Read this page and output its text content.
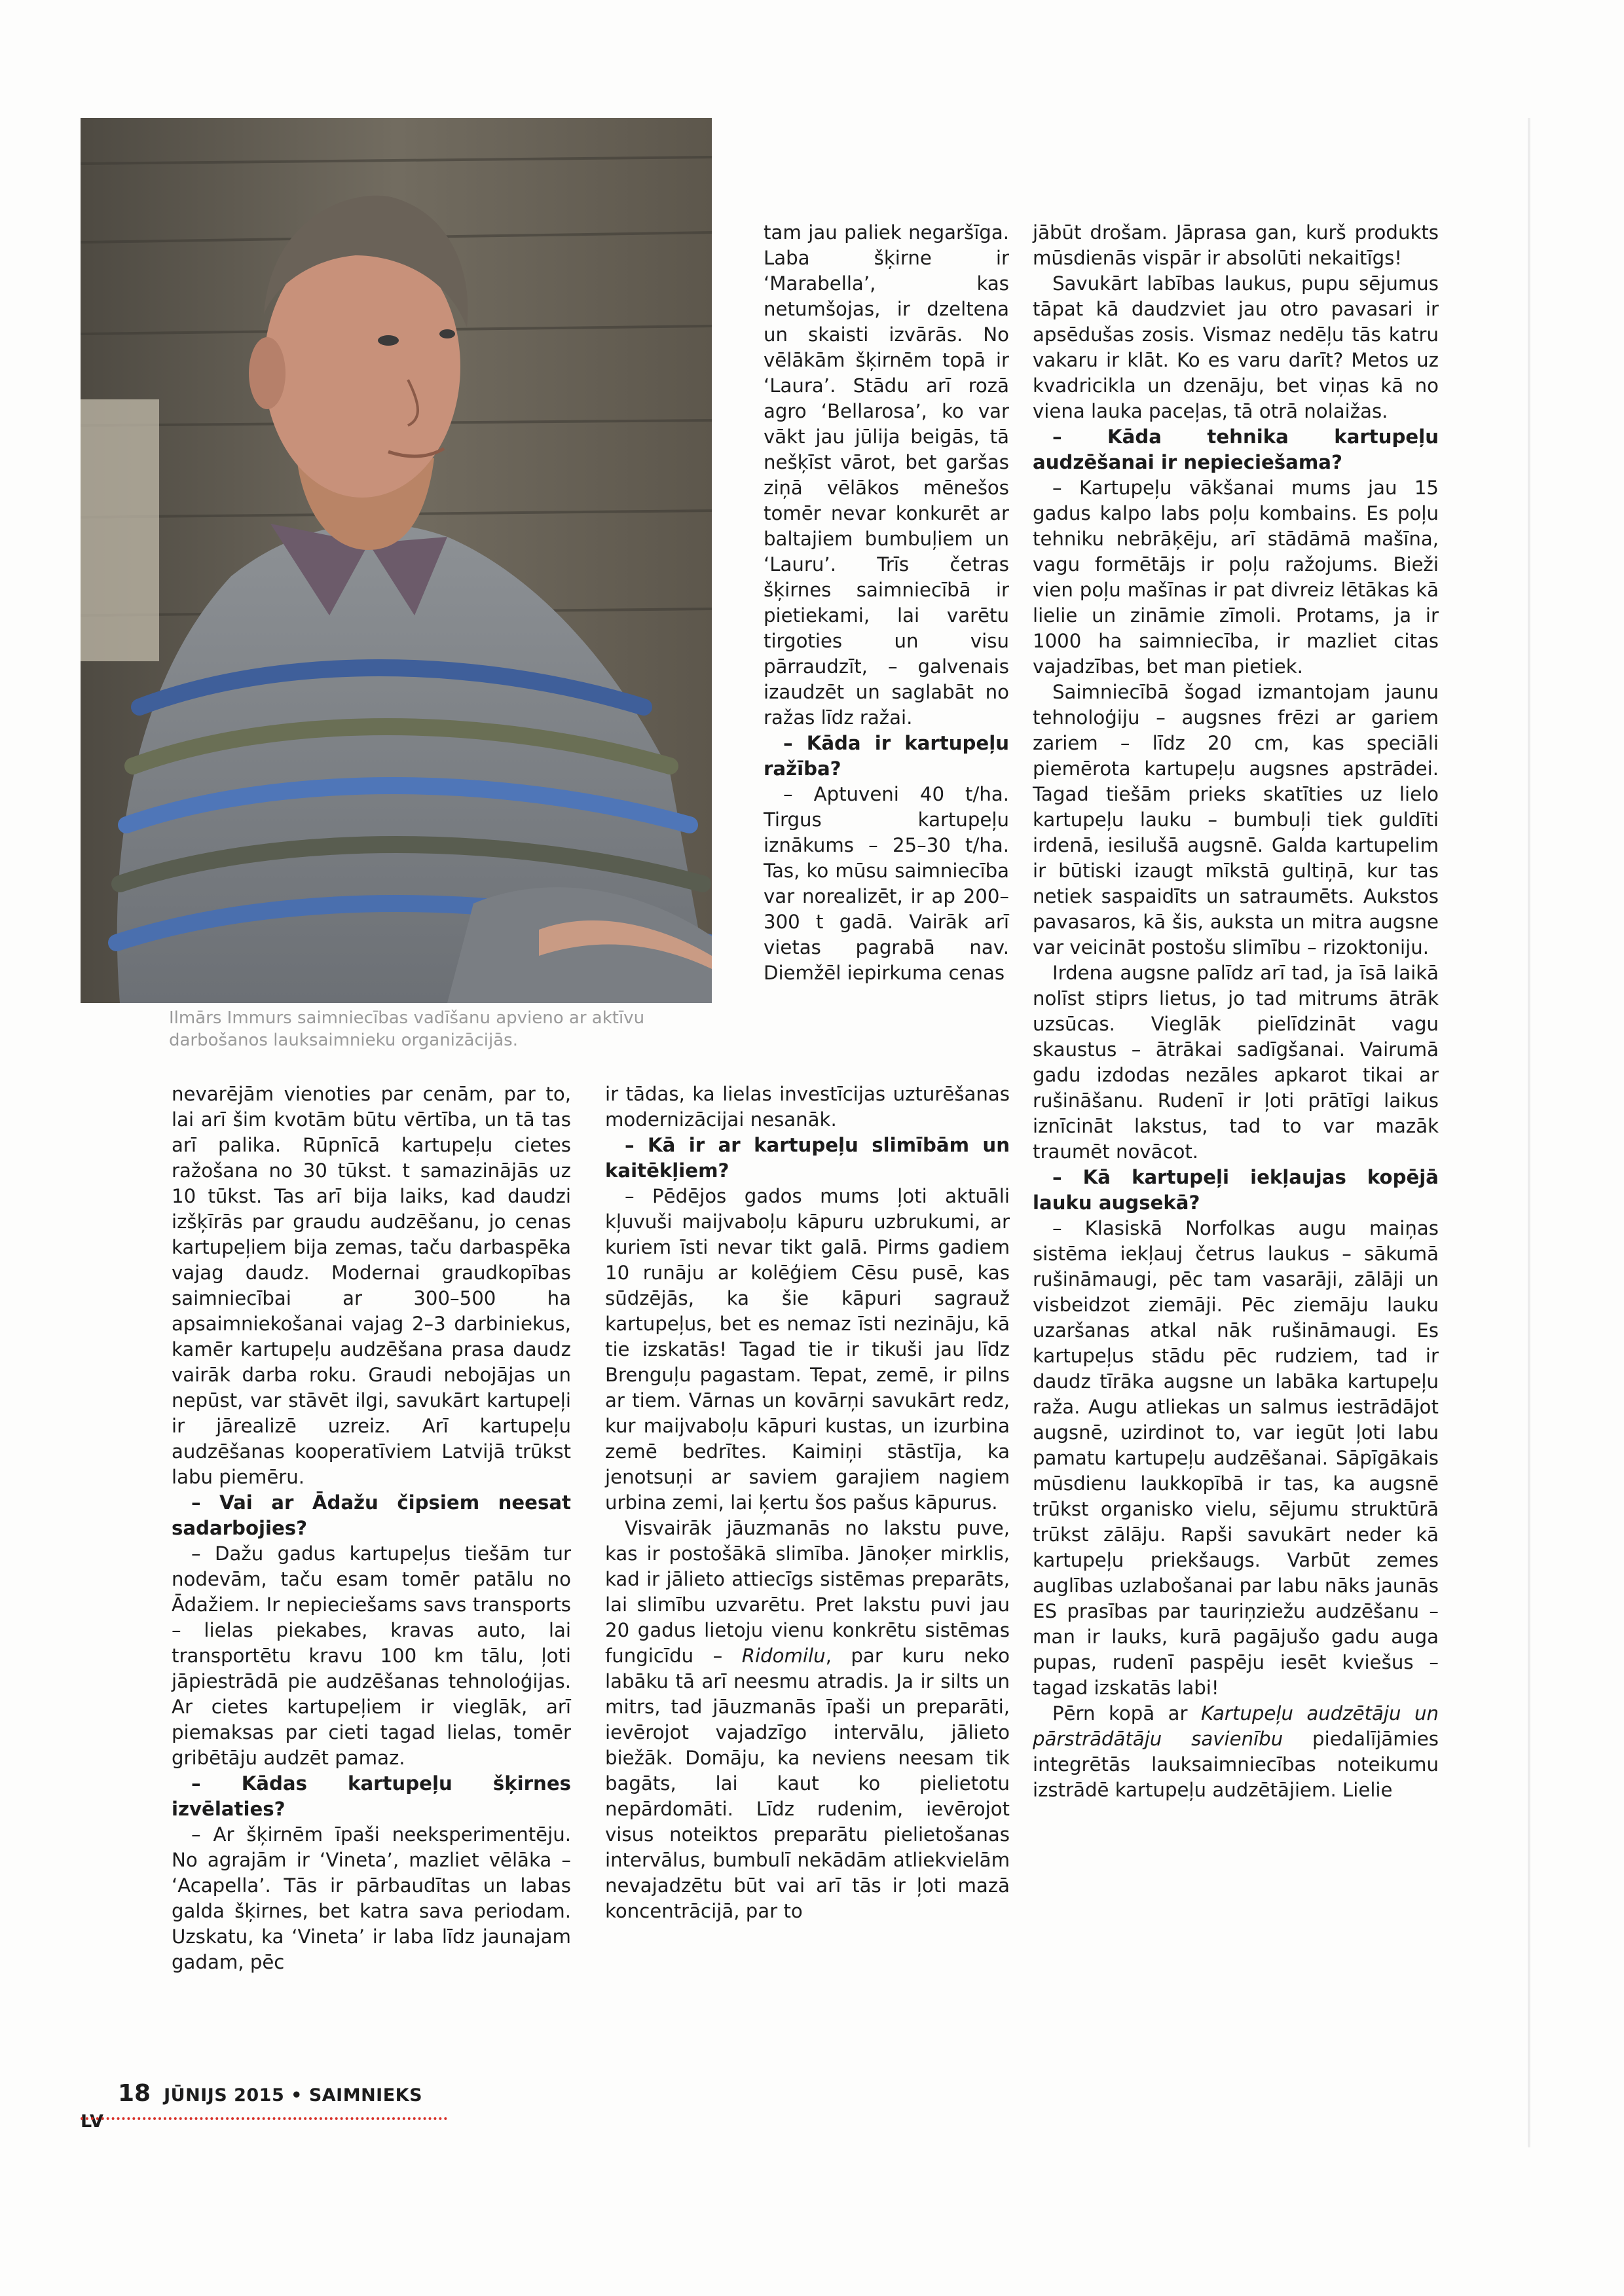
Ilmārs Immurs saimniecības vadīšanu apvieno ar aktīvu darbošanos lauksaimnieku organizācijās.

tam jau paliek negaršīga. Laba šķirne ir ‘Marabella’, kas netumšojas, ir dzeltena un skaisti izvārās. No vēlākām šķirnēm topā ir ‘Laura’. Stādu arī rozā agro ‘Bellarosa’, ko var vākt jau jūlija beigās, tā nešķīst vārot, bet garšas ziņā vēlākos mēnešos tomēr nevar konkurēt ar baltajiem bumbuļiem un ‘Lauru’. Trīs četras šķirnes saimniecībā ir pietiekami, lai varētu tirgoties un visu pārraudzīt, – galvenais izaudzēt un saglabāt no ražas līdz ražai.

– Kāda ir kartupeļu ražība?

– Aptuveni 40 t/ha. Tirgus kartupeļu iznākums – 25–30 t/ha. Tas, ko mūsu saimniecība var norealizēt, ir ap 200–300 t gadā. Vairāk arī vietas pagrabā nav. Diemžēl iepirkuma cenas

nevarējām vienoties par cenām, par to, lai arī šim kvotām būtu vērtība, un tā tas arī palika. Rūpnīcā kartupeļu cietes ražošana no 30 tūkst. t samazinājās uz 10 tūkst. Tas arī bija laiks, kad daudzi izšķīrās par graudu audzēšanu, jo cenas kartupeļiem bija zemas, taču darbaspēka vajag daudz. Modernai graudkopības saimniecībai ar 300–500 ha apsaimniekošanai vajag 2–3 darbiniekus, kamēr kartupeļu audzēšana prasa daudz vairāk darba roku. Graudi nebojājas un nepūst, var stāvēt ilgi, savukārt kartupeļi ir jārealizē uzreiz. Arī kartupeļu audzēšanas kooperatīviem Latvijā trūkst labu piemēru.

– Vai ar Ādažu čipsiem neesat sadarbojies?

– Dažu gadus kartupeļus tiešām tur nodevām, taču esam tomēr patālu no Ādažiem. Ir nepieciešams savs transports – lielas piekabes, kravas auto, lai transportētu kravu 100 km tālu, ļoti jāpiestrādā pie audzēšanas tehnoloģijas. Ar cietes kartupeļiem ir vieglāk, arī piemaksas par cieti tagad lielas, tomēr gribētāju audzēt pamaz.

– Kādas kartupeļu šķirnes izvēlaties?

– Ar šķirnēm īpaši neeksperimentēju. No agrajām ir ‘Vineta’, mazliet vēlāka – ‘Acapella’. Tās ir pārbaudītas un labas galda šķirnes, bet katra sava periodam. Uzskatu, ka ‘Vineta’ ir laba līdz jaunajam gadam, pēc

ir tādas, ka lielas investīcijas uzturēšanas modernizācijai nesanāk.

– Kā ir ar kartupeļu slimībām un kaitēkļiem?

– Pēdējos gados mums ļoti aktuāli kļuvuši maijvaboļu kāpuru uzbrukumi, ar kuriem īsti nevar tikt galā. Pirms gadiem 10 runāju ar kolēģiem Cēsu pusē, kas sūdzējās, ka šie kāpuri sagrauž kartupeļus, bet es nemaz īsti nezināju, kā tie izskatās! Tagad tie ir tikuši jau līdz Brenguļu pagastam. Tepat, zemē, ir pilns ar tiem. Vārnas un kovārņi savukārt redz, kur maijvaboļu kāpuri kustas, un izurbina zemē bedrītes. Kaimiņi stāstīja, ka jenotsuņi ar saviem garajiem nagiem urbina zemi, lai ķertu šos pašus kāpurus.

Visvairāk jāuzmanās no lakstu puve, kas ir postošākā slimība. Jānoķer mirklis, kad ir jālieto attiecīgs sistēmas preparāts, lai slimību uzvarētu. Pret lakstu puvi jau 20 gadus lietoju vienu konkrētu sistēmas fungicīdu – Ridomilu, par kuru neko labāku tā arī neesmu atradis. Ja ir silts un mitrs, tad jāuzmanās īpaši un preparāti, ievērojot vajadzīgo intervālu, jālieto biežāk. Domāju, ka neviens neesam tik bagāts, lai kaut ko pielietotu nepārdomāti. Līdz rudenim, ievērojot visus noteiktos preparātu pielietošanas intervālus, bumbulī nekādām atliekvielām nevajadzētu būt vai arī tās ir ļoti mazā koncentrācijā, par to

jābūt drošam. Jāprasa gan, kurš produkts mūsdienās vispār ir absolūti nekaitīgs!

Savukārt labības laukus, pupu sējumus tāpat kā daudzviet jau otro pavasari ir apsēdušas zosis. Vismaz nedēļu tās katru vakaru ir klāt. Ko es varu darīt? Metos uz kvadricikla un dzenāju, bet viņas kā no viena lauka paceļas, tā otrā nolaižas.

– Kāda tehnika kartupeļu audzēšanai ir nepieciešama?

– Kartupeļu vākšanai mums jau 15 gadus kalpo labs poļu kombains. Es poļu tehniku nebrāķēju, arī stādāmā mašīna, vagu formētājs ir poļu ražojums. Bieži vien poļu mašīnas ir pat divreiz lētākas kā lielie un zināmie zīmoli. Protams, ja ir 1000 ha saimniecība, ir mazliet citas vajadzības, bet man pietiek.

Saimniecībā šogad izmantojam jaunu tehnoloģiju – augsnes frēzi ar gariem zariem – līdz 20 cm, kas speciāli piemērota kartupeļu augsnes apstrādei. Tagad tiešām prieks skatīties uz lielo kartupeļu lauku – bumbuļi tiek guldīti irdenā, iesilušā augsnē. Galda kartupelim ir būtiski izaugt mīkstā gultiņā, kur tas netiek saspaidīts un satraumēts. Aukstos pavasaros, kā šis, auksta un mitra augsne var veicināt postošu slimību – rizoktoniju.

Irdena augsne palīdz arī tad, ja īsā laikā nolīst stiprs lietus, jo tad mitrums ātrāk uzsūcas. Vieglāk pielīdzināt vagu skaustus – ātrākai sadīgšanai. Vairumā gadu izdodas nezāles apkarot tikai ar rušināšanu. Rudenī ir ļoti prātīgi laikus iznīcināt lakstus, tad to var mazāk traumēt novācot.

– Kā kartupeļi iekļaujas kopējā lauku augsekā?

– Klasiskā Norfolkas augu maiņas sistēma iekļauj četrus laukus – sākumā rušināmaugi, pēc tam vasarāji, zālāji un visbeidzot ziemāji. Pēc ziemāju lauku uzaršanas atkal nāk rušināmaugi. Es kartupeļus stādu pēc rudziem, tad ir daudz tīrāka augsne un labāka kartupeļu raža. Augu atliekas un salmus iestrādājot augsnē, uzirdinot to, var iegūt ļoti labu pamatu kartupeļu audzēšanai. Sāpīgākais mūsdienu laukkopībā ir tas, ka augsnē trūkst organisko vielu, sējumu struktūrā trūkst zālāju. Rapši savukārt neder kā kartupeļu priekšaugs. Varbūt zemes auglības uzlabošanai par labu nāks jaunās ES prasības par tauriņziežu audzēšanu – man ir lauks, kurā pagājušo gadu auga pupas, rudenī paspēju iesēt kviešus – tagad izskatās labi!

Pērn kopā ar Kartupeļu audzētāju un pārstrādātāju savienību piedalījāmies integrētās lauksaimniecības noteikumu izstrādē kartupeļu audzētājiem. Lielie

18 JŪNIJS 2015 • SAIMNIEKS LV
